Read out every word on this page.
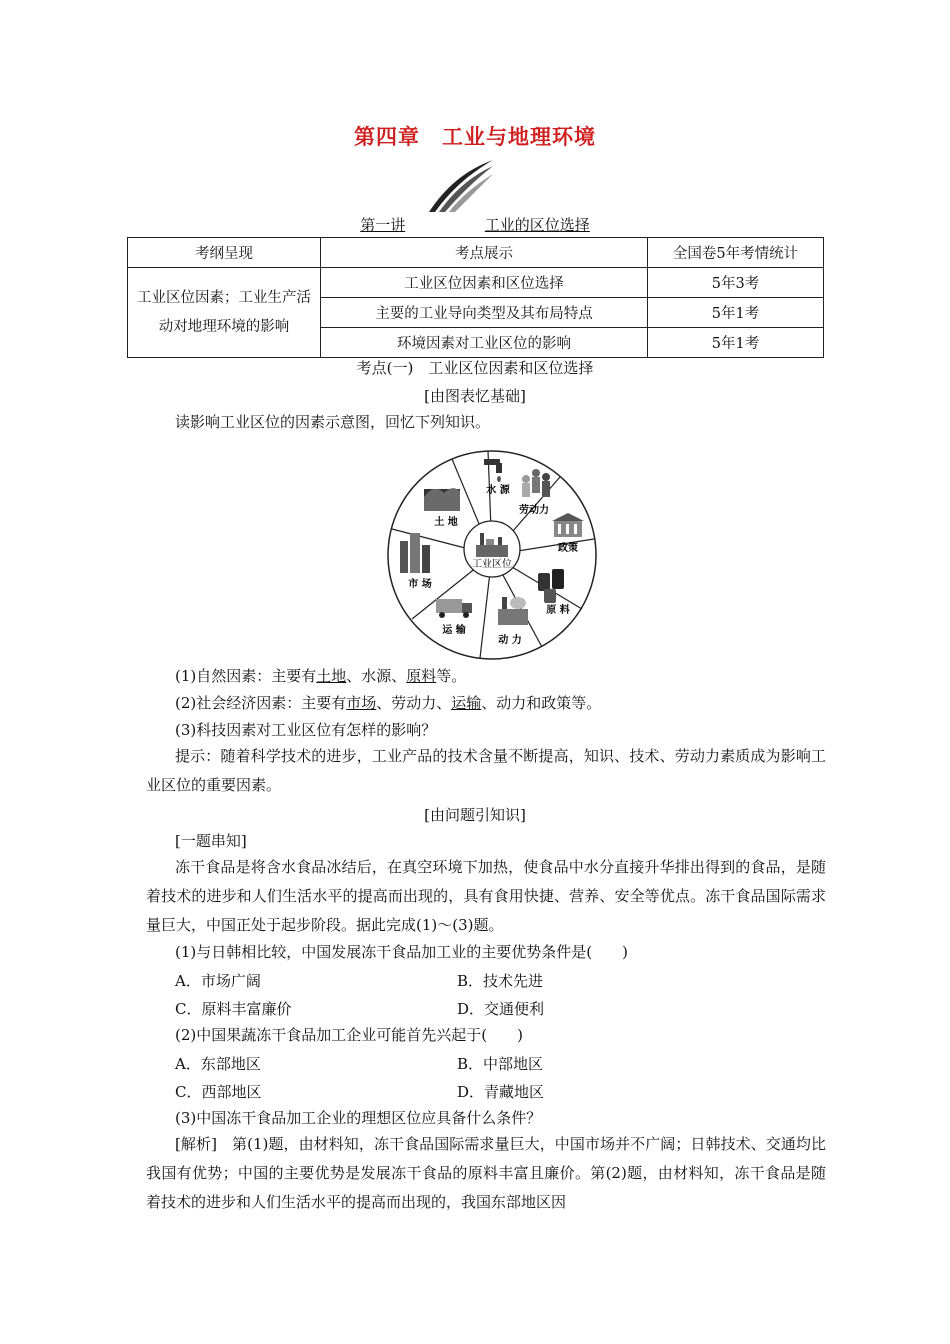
第四章　工业与地理环境
第一讲	工业的区位选择
考纲呈现	考点展示	全国卷5年考情统计
工业区位因素；工业生产活动对地理环境的影响	工业区位因素和区位选择	5年3考
	主要的工业导向类型及其布局特点	5年1考
	环境因素对工业区位的影响	5年1考
考点(一)　工业区位因素和区位选择
[由图表忆基础]
读影响工业区位的因素示意图，回忆下列知识。
工业区位
水 源
劳动力
政策
原 料
动 力
运 输
市 场
土 地
(1)自然因素：主要有土地、水源、原料等。
(2)社会经济因素：主要有市场、劳动力、运输、动力和政策等。
(3)科技因素对工业区位有怎样的影响？
提示：随着科学技术的进步，工业产品的技术含量不断提高，知识、技术、劳动力素质成为影响工业区位的重要因素。
[由问题引知识]
[一题串知]
冻干食品是将含水食品冰结后，在真空环境下加热，使食品中水分直接升华排出得到的食品，是随着技术的进步和人们生活水平的提高而出现的，具有食用快捷、营养、安全等优点。冻干食品国际需求量巨大，中国正处于起步阶段。据此完成(1)～(3)题。
(1)与日韩相比较，中国发展冻干食品加工业的主要优势条件是(　　)
A．市场广阔	B．技术先进
C．原料丰富廉价	D．交通便利
(2)中国果蔬冻干食品加工企业可能首先兴起于(　　)
A．东部地区	B．中部地区
C．西部地区	D．青藏地区
(3)中国冻干食品加工企业的理想区位应具备什么条件？
[解析]　第(1)题，由材料知，冻干食品国际需求量巨大，中国市场并不广阔；日韩技术、交通均比我国有优势；中国的主要优势是发展冻干食品的原料丰富且廉价。第(2)题，由材料知，冻干食品是随着技术的进步和人们生活水平的提高而出现的，我国东部地区因
